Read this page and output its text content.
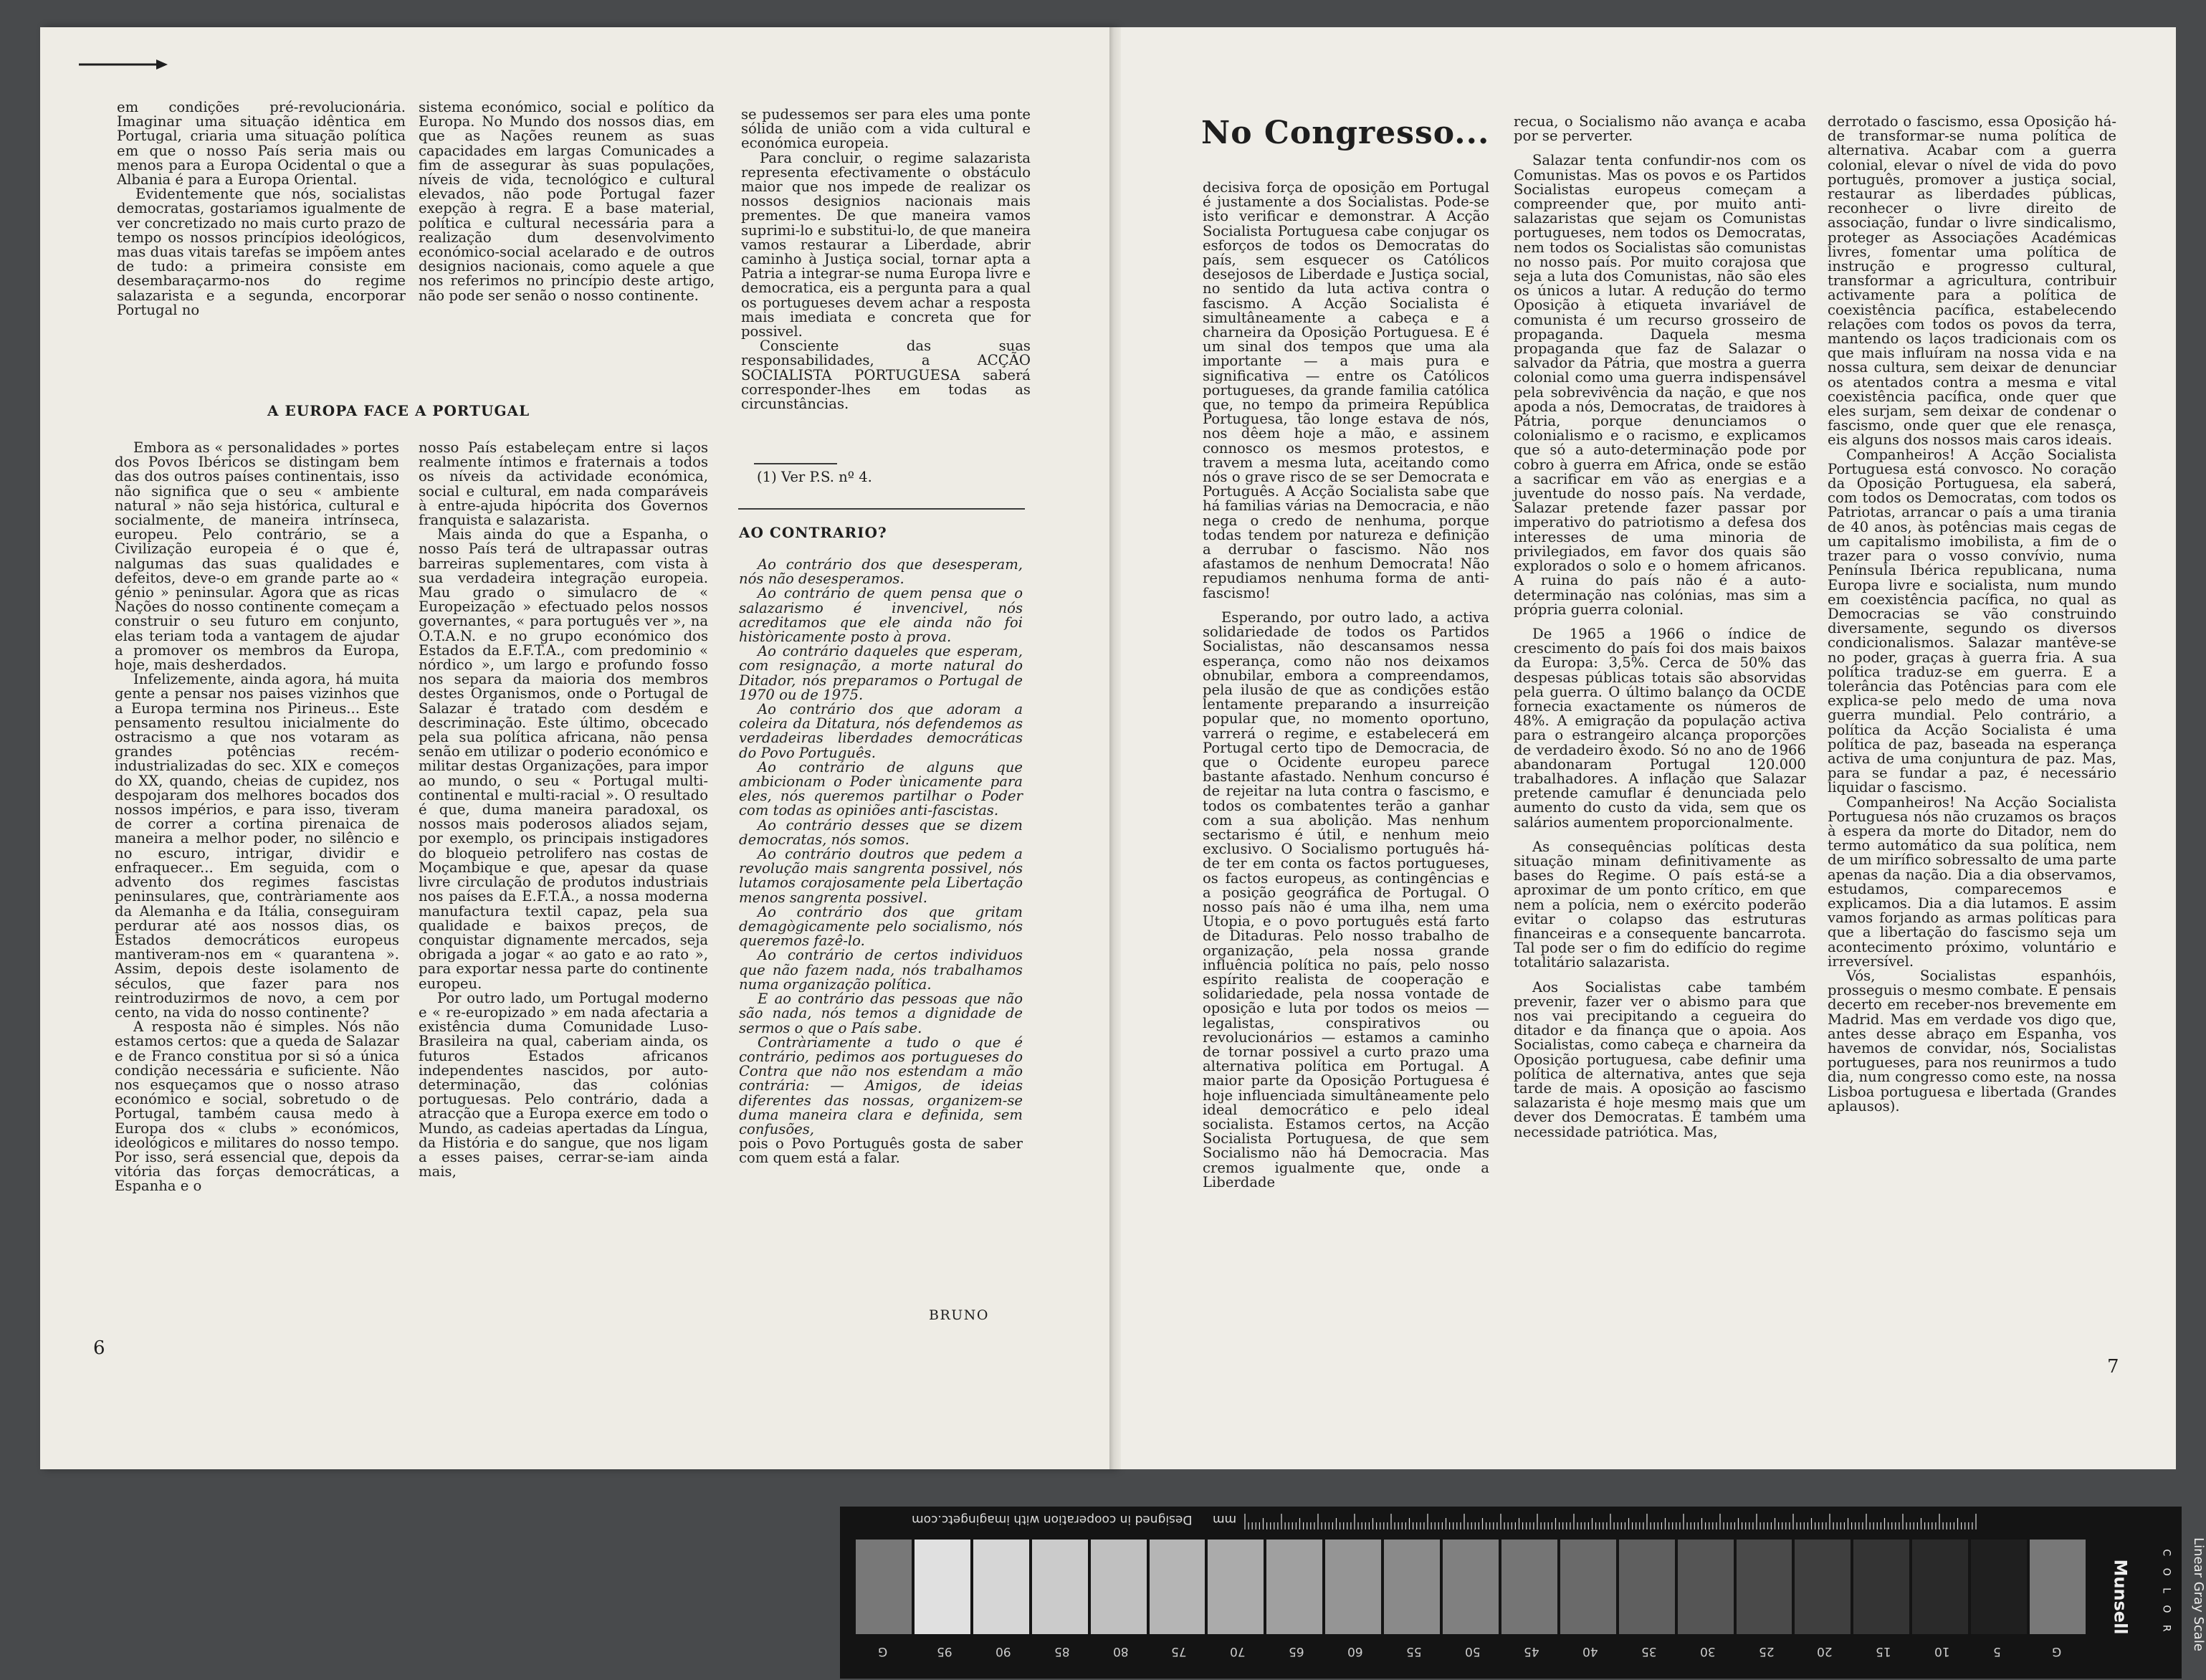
em condições pré-revolucionária. Imaginar uma situação idêntica em Portugal, criaria uma situação política em que o nosso País seria mais ou menos para a Europa Ocidental o que a Albania é para a Europa Oriental.

Evidentemente que nós, socialistas democratas, gostariamos igualmente de ver concretizado no mais curto prazo de tempo os nossos princípios ideológicos, mas duas vitais tarefas se impõem antes de tudo: a primeira consiste em desembaraçarmo-nos do regime salazarista e a segunda, encorporar Portugal no

sistema económico, social e político da Europa. No Mundo dos nossos dias, em que as Nações reunem as suas capacidades em largas Comunicades a fim de assegurar às suas populações, níveis de vida, tecnológico e cultural elevados, não pode Portugal fazer exepção à regra. E a base material, política e cultural necessária para a realização dum desenvolvimento económico-social acelarado e de outros designios nacionais, como aquele a que nos referimos no princípio deste artigo, não pode ser senão o nosso continente.

se pudessemos ser para eles uma ponte sólida de união com a vida cultural e económica europeia.

Para concluir, o regime salazarista representa efectivamente o obstáculo maior que nos impede de realizar os nossos designios nacionais mais prementes. De que maneira vamos suprimi-lo e substitui-lo, de que maneira vamos restaurar a Liberdade, abrir caminho à Justiça social, tornar apta a Patria a integrar-se numa Europa livre e democratica, eis a pergunta para a qual os portugueses devem achar a resposta mais imediata e concreta que for possivel.

Consciente das suas responsabilidades, a ACÇÃO SOCIALISTA PORTUGUESA saberá corresponder-lhes em todas as circunstâncias.

(1) Ver P.S. nº 4.

A EUROPA FACE A PORTUGAL

Embora as « personalidades » portes dos Povos Ibéricos se distingam bem das dos outros países continentais, isso não significa que o seu « ambiente natural » não seja histórica, cultural e socialmente, de maneira intrínseca, europeu. Pelo contrário, se a Civilização europeia é o que é, nalgumas das suas qualidades e defeitos, deve-o em grande parte ao « génio » peninsular. Agora que as ricas Nações do nosso continente começam a construir o seu futuro em conjunto, elas teriam toda a vantagem de ajudar a promover os membros da Europa, hoje, mais desherdados.

Infelizemente, ainda agora, há muita gente a pensar nos paises vizinhos que a Europa termina nos Pirineus... Este pensamento resultou inicialmente do ostracismo a que nos votaram as grandes potências recém-industrializadas do sec. XIX e começos do XX, quando, cheias de cupidez, nos despojaram dos melhores bocados dos nossos impérios, e para isso, tiveram de correr a cortina pirenaica de maneira a melhor poder, no silêncio e no escuro, intrigar, dividir e enfraquecer... Em seguida, com o advento dos regimes fascistas peninsulares, que, contràriamente aos da Alemanha e da Itália, conseguiram perdurar até aos nossos dias, os Estados democráticos europeus mantiveram-nos em « quarantena ». Assim, depois deste isolamento de séculos, que fazer para nos reintroduzirmos de novo, a cem por cento, na vida do nosso continente?

A resposta não é simples. Nós não estamos certos: que a queda de Salazar e de Franco constitua por si só a única condição necessária e suficiente. Não nos esqueçamos que o nosso atraso económico e social, sobretudo o de Portugal, também causa medo à Europa dos « clubs » económicos, ideológicos e militares do nosso tempo. Por isso, será essencial que, depois da vitória das forças democráticas, a Espanha e o

nosso País estabeleçam entre si laços realmente íntimos e fraternais a todos os níveis da actividade económica, social e cultural, em nada comparáveis à entre-ajuda hipócrita dos Governos franquista e salazarista.

Mais ainda do que a Espanha, o nosso País terá de ultrapassar outras barreiras suplementares, com vista à sua verdadeira integração europeia. Mau grado o simulacro de « Europeização » efectuado pelos nossos governantes, « para português ver », na O.T.A.N. e no grupo económico dos Estados da E.F.T.A., com predominio « nórdico », um largo e profundo fosso nos separa da maioria dos membros destes Organismos, onde o Portugal de Salazar é tratado com desdém e descriminação. Este último, obcecado pela sua política africana, não pensa senão em utilizar o poderio económico e militar destas Organizações, para impor ao mundo, o seu « Portugal multi-continental e multi-racial ». O resultado é que, duma maneira paradoxal, os nossos mais poderosos aliados sejam, por exemplo, os principais instigadores do bloqueio petrolifero nas costas de Moçambique e que, apesar da quase livre circulação de produtos industriais nos países da E.F.T.A., a nossa moderna manufactura textil capaz, pela sua qualidade e baixos preços, de conquistar dignamente mercados, seja obrigada a jogar « ao gato e ao rato », para exportar nessa parte do continente europeu.

Por outro lado, um Portugal moderno e « re-europizado » em nada afectaria a existência duma Comunidade Luso-Brasileira na qual, caberiam ainda, os futuros Estados africanos independentes nascidos, por auto-determinação, das colónias portuguesas. Pelo contrário, dada a atracção que a Europa exerce em todo o Mundo, as cadeias apertadas da Língua, da História e do sangue, que nos ligam a esses paises, cerrar-se-iam ainda mais,

AO CONTRARIO?

Ao contrário dos que desesperam, nós não desesperamos.

Ao contrário de quem pensa que o salazarismo é invencivel, nós acreditamos que ele ainda não foi històricamente posto à prova.

Ao contrário daqueles que esperam, com resignação, a morte natural do Ditador, nós preparamos o Portugal de 1970 ou de 1975.

Ao contrário dos que adoram a coleira da Ditatura, nós defendemos as verdadeiras liberdades democráticas do Povo Português.

Ao contrário de alguns que ambicionam o Poder ùnicamente para eles, nós queremos partilhar o Poder com todas as opiniões anti-fascistas.

Ao contrário desses que se dizem democratas, nós somos.

Ao contrário doutros que pedem a revolução mais sangrenta possivel, nós lutamos corajosamente pela Libertação menos sangrenta possivel.

Ao contrário dos que gritam demagògicamente pelo socialismo, nós queremos fazê-lo.

Ao contrário de certos individuos que não fazem nada, nós trabalhamos numa organização política.

E ao contrário das pessoas que não são nada, nós temos a dignidade de sermos o que o País sabe.

Contràriamente a tudo o que é contrário, pedimos aos portugueses do Contra que não nos estendam a mão contrária: — Amigos, de ideias diferentes das nossas, organizem-se duma maneira clara e definida, sem confusões,

pois o Povo Português gosta de saber com quem está a falar.

BRUNO
6
No Congresso...

decisiva força de oposição em Portugal é justamente a dos Socialistas. Pode-se isto verificar e demonstrar. A Acção Socialista Portuguesa cabe conjugar os esforços de todos os Democratas do país, sem esquecer os Católicos desejosos de Liberdade e Justiça social, no sentido da luta activa contra o fascismo. A Acção Socialista é simultâneamente a cabeça e a charneira da Oposição Portuguesa. E é um sinal dos tempos que uma ala importante — a mais pura e significativa — entre os Católicos portugueses, da grande familia católica que, no tempo da primeira República Portuguesa, tão longe estava de nós, nos dêem hoje a mão, e assinem connosco os mesmos protestos, e travem a mesma luta, aceitando como nós o grave risco de se ser Democrata e Português. A Acção Socialista sabe que há familias várias na Democracia, e não nega o credo de nenhuma, porque todas tendem por natureza e definição a derrubar o fascismo. Não nos afastamos de nenhum Democrata! Não repudiamos nenhuma forma de anti-fascismo!

Esperando, por outro lado, a activa solidariedade de todos os Partidos Socialistas, não descansamos nessa esperança, como não nos deixamos obnubilar, embora a compreendamos, pela ilusão de que as condições estão lentamente preparando a insurreição popular que, no momento oportuno, varrerá o regime, e estabelecerá em Portugal certo tipo de Democracia, de que o Ocidente europeu parece bastante afastado. Nenhum concurso é de rejeitar na luta contra o fascismo, e todos os combatentes terão a ganhar com a sua abolição. Mas nenhum sectarismo é útil, e nenhum meio exclusivo. O Socialismo português há-de ter em conta os factos portugueses, os factos europeus, as contingências e a posição geográfica de Portugal. O nosso país não é uma ilha, nem uma Utopia, e o povo português está farto de Ditaduras. Pelo nosso trabalho de organização, pela nossa grande influência política no país, pelo nosso espírito realista de cooperação e solidariedade, pela nossa vontade de oposição e luta por todos os meios — legalistas, conspirativos ou revolucionários — estamos a caminho de tornar possivel a curto prazo uma alternativa política em Portugal. A maior parte da Oposição Portuguesa é hoje influenciada simultâneamente pelo ideal democrático e pelo ideal socialista. Estamos certos, na Acção Socialista Portuguesa, de que sem Socialismo não há Democracia. Mas cremos igualmente que, onde a Liberdade

recua, o Socialismo não avança e acaba por se perverter.

Salazar tenta confundir-nos com os Comunistas. Mas os povos e os Partidos Socialistas europeus começam a compreender que, por muito anti-salazaristas que sejam os Comunistas portugueses, nem todos os Democratas, nem todos os Socialistas são comunistas no nosso país. Por muito corajosa que seja a luta dos Comunistas, não são eles os únicos a lutar. A redução do termo Oposição à etiqueta invariável de comunista é um recurso grosseiro de propaganda. Daquela mesma propaganda que faz de Salazar o salvador da Pátria, que mostra a guerra colonial como uma guerra indispensável pela sobrevivência da nação, e que nos apoda a nós, Democratas, de traidores à Pátria, porque denunciamos o colonialismo e o racismo, e explicamos que só a auto-determinação pode por cobro à guerra em Africa, onde se estão a sacrificar em vão as energias e a juventude do nosso país. Na verdade, Salazar pretende fazer passar por imperativo do patriotismo a defesa dos interesses de uma minoria de privilegiados, em favor dos quais são explorados o solo e o homem africanos. A ruina do país não é a auto-determinação nas colónias, mas sim a própria guerra colonial.

De 1965 a 1966 o índice de crescimento do país foi dos mais baixos da Europa: 3,5%. Cerca de 50% das despesas públicas totais são absorvidas pela guerra. O último balanço da OCDE fornecia exactamente os números de 48%. A emigração da população activa para o estrangeiro alcança proporções de verdadeiro êxodo. Só no ano de 1966 abandonaram Portugal 120.000 trabalhadores. A inflação que Salazar pretende camuflar é denunciada pelo aumento do custo da vida, sem que os salários aumentem proporcionalmente.

As consequências políticas desta situação minam definitivamente as bases do Regime. O país está-se a aproximar de um ponto crítico, em que nem a polícia, nem o exército poderão evitar o colapso das estruturas financeiras e a consequente bancarrota. Tal pode ser o fim do edifício do regime totalitário salazarista.

Aos Socialistas cabe também prevenir, fazer ver o abismo para que nos vai precipitando a cegueira do ditador e da finança que o apoia. Aos Socialistas, como cabeça e charneira da Oposição portuguesa, cabe definir uma política de alternativa, antes que seja tarde de mais. A oposição ao fascismo salazarista é hoje mesmo mais que um dever dos Democratas. É também uma necessidade patriótica. Mas,

derrotado o fascismo, essa Oposição há-de transformar-se numa política de alternativa. Acabar com a guerra colonial, elevar o nível de vida do povo português, promover a justiça social, restaurar as liberdades públicas, reconhecer o livre direito de associação, fundar o livre sindicalismo, proteger as Associações Académicas livres, fomentar uma política de instrução e progresso cultural, transformar a agricultura, contribuir activamente para a política de coexistência pacífica, estabelecendo relações com todos os povos da terra, mantendo os laços tradicionais com os que mais influíram na nossa vida e na nossa cultura, sem deixar de denunciar os atentados contra a mesma e vital coexistência pacífica, onde quer que eles surjam, sem deixar de condenar o fascismo, onde quer que ele renasça, eis alguns dos nossos mais caros ideais.

Companheiros! A Acção Socialista Portuguesa está convosco. No coração da Oposição Portuguesa, ela saberá, com todos os Democratas, com todos os Patriotas, arrancar o país a uma tirania de 40 anos, às potências mais cegas de um capitalismo imobilista, a fim de o trazer para o vosso convívio, numa Península Ibérica republicana, numa Europa livre e socialista, num mundo em coexistência pacífica, no qual as Democracias se vão construindo diversamente, segundo os diversos condicionalismos. Salazar mantêve-se no poder, graças à guerra fria. A sua política traduz-se em guerra. E a tolerância das Potências para com ele explica-se pelo medo de uma nova guerra mundial. Pelo contrário, a política da Acção Socialista é uma política de paz, baseada na esperança activa de uma conjuntura de paz. Mas, para se fundar a paz, é necessário liquidar o fascismo.

Companheiros! Na Acção Socialista Portuguesa nós não cruzamos os braços à espera da morte do Ditador, nem do termo automático da sua política, nem de um mirífico sobressalto de uma parte apenas da nação. Dia a dia observamos, estudamos, comparecemos e explicamos. Dia a dia lutamos. E assim vamos forjando as armas políticas para que a libertação do fascismo seja um acontecimento próximo, voluntário e irreversível.

Vós, Socialistas espanhóis, prosseguis o mesmo combate. E pensais decerto em receber-nos brevemente em Madrid. Mas em verdade vos digo que, antes desse abraço em Espanha, vos havemos de convidar, nós, Socialistas portugueses, para nos reunirmos a tudo dia, num congresso como este, na nossa Lisboa portuguesa e libertada (Grandes aplausos).

7
Designed in cooperation with imagingetc.com mm
G	95	90	85	80	75	70	65	60	55	50	45	40	35	30	25	20	15	10	5	G
Munsell	C O L O R Linear Gray Scale
